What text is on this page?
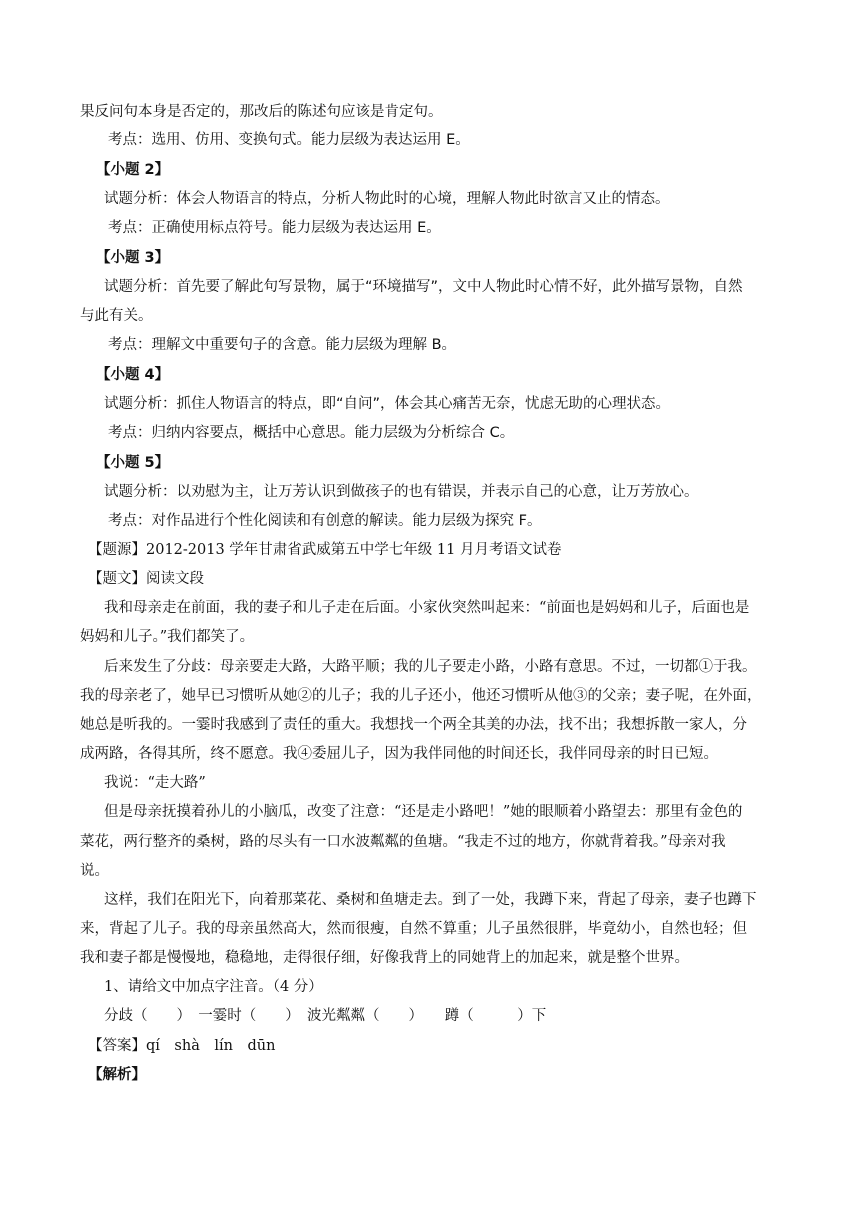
果反问句本身是否定的，那改后的陈述句应该是肯定句。
考点：选用、仿用、变换句式。能力层级为表达运用 E。
【小题 2】
试题分析：体会人物语言的特点，分析人物此时的心境，理解人物此时欲言又止的情态。
考点：正确使用标点符号。能力层级为表达运用 E。
【小题 3】
试题分析：首先要了解此句写景物，属于“环境描写”，文中人物此时心情不好，此外描写景物，自然
与此有关。
考点：理解文中重要句子的含意。能力层级为理解 B。
【小题 4】
试题分析：抓住人物语言的特点，即“自问”，体会其心痛苦无奈，忧虑无助的心理状态。
考点：归纳内容要点，概括中心意思。能力层级为分析综合 C。
【小题 5】
试题分析：以劝慰为主，让万芳认识到做孩子的也有错误，并表示自己的心意，让万芳放心。
考点：对作品进行个性化阅读和有创意的解读。能力层级为探究 F。
【题源】2012-2013 学年甘肃省武威第五中学七年级 11 月月考语文试卷
【题文】阅读文段
我和母亲走在前面，我的妻子和儿子走在后面。小家伙突然叫起来：“前面也是妈妈和儿子，后面也是
妈妈和儿子。”我们都笑了。
后来发生了分歧：母亲要走大路，大路平顺；我的儿子要走小路，小路有意思。不过，一切都①于我。
我的母亲老了，她早已习惯听从她②的儿子；我的儿子还小，他还习惯听从他③的父亲；妻子呢，在外面，
她总是听我的。一霎时我感到了责任的重大。我想找一个两全其美的办法，找不出；我想拆散一家人，分
成两路，各得其所，终不愿意。我④委屈儿子，因为我伴同他的时间还长，我伴同母亲的时日已短。
我说：“走大路”
但是母亲抚摸着孙儿的小脑瓜，改变了注意：“还是走小路吧！”她的眼顺着小路望去：那里有金色的
菜花，两行整齐的桑树，路的尽头有一口水波粼粼的鱼塘。“我走不过的地方，你就背着我。”母亲对我
说。
这样，我们在阳光下，向着那菜花、桑树和鱼塘走去。到了一处，我蹲下来，背起了母亲，妻子也蹲下
来，背起了儿子。我的母亲虽然高大，然而很瘦，自然不算重；儿子虽然很胖，毕竟幼小，自然也轻；但
我和妻子都是慢慢地，稳稳地，走得很仔细，好像我背上的同她背上的加起来，就是整个世界。
1、请给文中加点字注音。（4 分）
分歧（　　）　一霎时（　　）　波光粼粼（　　）　　蹲（　　　）下
【答案】qí　shà　lín　dūn
【解析】
